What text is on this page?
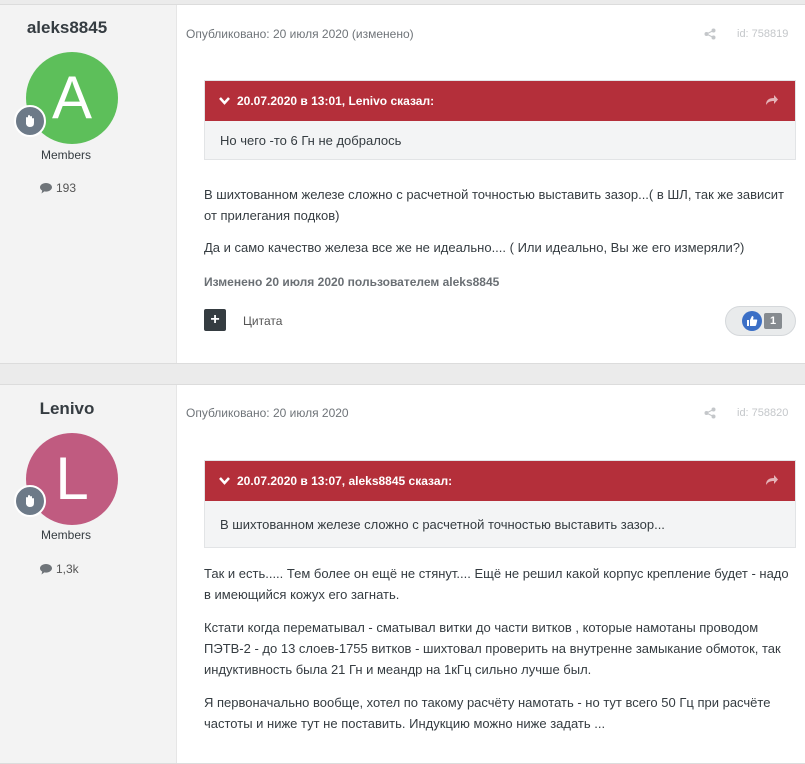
aleks8845
A
Members
193
Опубликовано: 20 июля 2020 (изменено)	id: 758819
20.07.2020 в 13:01, Lenivo сказал:
Но чего -то 6 Гн не добралось

В шихтованном железе сложно с расчетной точностью выставить зазор...( в ШЛ, так же зависит от прилегания подков)

Да и само качество железа все же не идеально.... ( Или идеально, Вы же его измеряли?)

Изменено 20 июля 2020 пользователем aleks8845
+	Цитата	1
Lenivo
L
Members
1,3k
Опубликовано: 20 июля 2020	id: 758820
20.07.2020 в 13:07, aleks8845 сказал:
В шихтованном железе сложно с расчетной точностью выставить зазор...

Так и есть..... Тем более он ещё не стянут.... Ещё не решил какой корпус крепление будет - надо в имеющийся кожух его загнать.

Кстати когда перематывал - сматывал витки до части витков , которые намотаны проводом ПЭТВ-2 - до 13 слоев-1755 витков - шихтовал проверить на внутренне замыкание обмоток, так индуктивность была 21 Гн и меандр на 1кГц сильно лучше был.

Я первоначально вообще, хотел по такому расчёту намотать - но тут всего 50 Гц при расчёте частоты и ниже тут не поставить. Индукцию можно ниже задать ...
